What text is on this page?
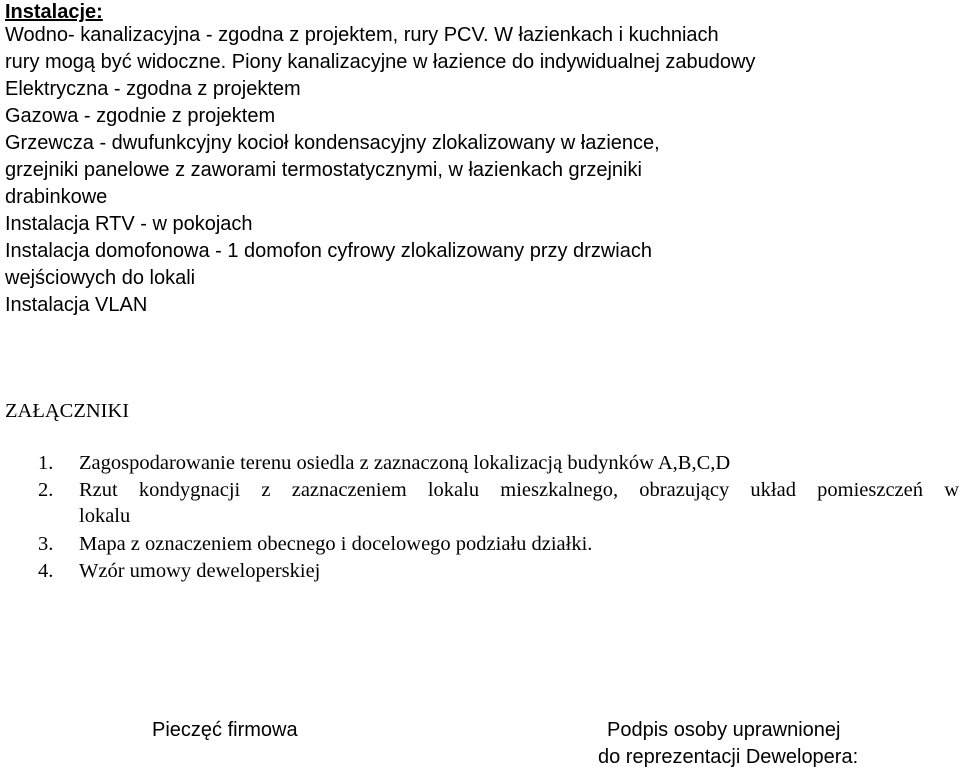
Instalacje:
Wodno- kanalizacyjna - zgodna z projektem, rury PCV. W łazienkach i kuchniach
rury mogą być widoczne. Piony kanalizacyjne w łazience do indywidualnej zabudowy
Elektryczna - zgodna z projektem
Gazowa - zgodnie z projektem
Grzewcza - dwufunkcyjny kocioł kondensacyjny zlokalizowany w łazience,
grzejniki panelowe z zaworami termostatycznymi, w łazienkach grzejniki
drabinkowe
Instalacja RTV - w pokojach
Instalacja domofonowa - 1 domofon cyfrowy zlokalizowany przy drzwiach
wejściowych do lokali
Instalacja VLAN
ZAŁĄCZNIKI
1. Zagospodarowanie terenu osiedla z zaznaczoną lokalizacją budynków A,B,C,D
2. Rzut kondygnacji z zaznaczeniem lokalu mieszkalnego, obrazujący układ pomieszczeń w
lokalu
3. Mapa z oznaczeniem obecnego i docelowego podziału działki.
4. Wzór umowy deweloperskiej
Pieczęć firmowa	Podpis osoby uprawnionej
do reprezentacji Dewelopera:
